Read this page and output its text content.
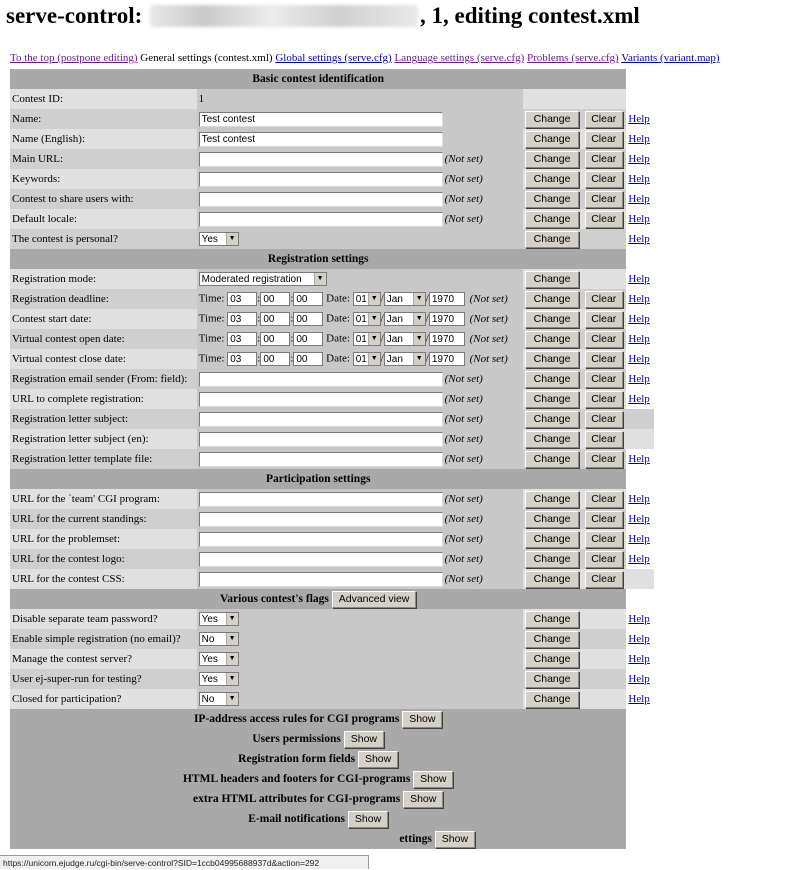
serve-control:	, 1, editing contest.xml
To the top (postpone editing) General settings (contest.xml) Global settings (serve.cfg) Language settings (serve.cfg) Problems (serve.cfg) Variants (variant.map)
Basic contest identification				
Contest ID:	1			
Name:	Test contest	Change	Clear	Help
Name (English):	Test contest	Change	Clear	Help
Main URL:	(Not set)	Change	Clear	Help
Keywords:	(Not set)	Change	Clear	Help
Contest to share users with:	(Not set)	Change	Clear	Help
Default locale:	(Not set)	Change	Clear	Help
The contest is personal?	Yes ▼	Change		Help
Registration settings				
Registration mode:	Moderated registration ▼	Change		Help
Registration deadline:	Time: 03 : 00 : 00 Date: 01 ▼ / Jan ▼ / 1970 (Not set)	Change	Clear	Help
Contest start date:	Time: 03 : 00 : 00 Date: 01 ▼ / Jan ▼ / 1970 (Not set)	Change	Clear	Help
Virtual contest open date:	Time: 03 : 00 : 00 Date: 01 ▼ / Jan ▼ / 1970 (Not set)	Change	Clear	Help
Virtual contest close date:	Time: 03 : 00 : 00 Date: 01 ▼ / Jan ▼ / 1970 (Not set)	Change	Clear	Help
Registration email sender (From: field):	(Not set)	Change	Clear	Help
URL to complete registration:	(Not set)	Change	Clear	Help
Registration letter subject:	(Not set)	Change	Clear	
Registration letter subject (en):	(Not set)	Change	Clear	
Registration letter template file:	(Not set)	Change	Clear	Help
Participation settings				
URL for the `team' CGI program:	(Not set)	Change	Clear	Help
URL for the current standings:	(Not set)	Change	Clear	Help
URL for the problemset:	(Not set)	Change	Clear	Help
URL for the contest logo:	(Not set)	Change	Clear	Help
URL for the contest CSS:	(Not set)	Change	Clear	
Various contest's flags Advanced view				
Disable separate team password?	Yes ▼	Change		Help
Enable simple registration (no email)?	No ▼	Change		Help
Manage the contest server?	Yes ▼	Change		Help
User ej-super-run for testing?	Yes ▼	Change		Help
Closed for participation?	No ▼	Change		Help
IP-address access rules for CGI programs Show				
Users permissions Show				
Registration form fields Show				
HTML headers and footers for CGI-programs Show				
extra HTML attributes for CGI-programs Show				
E-mail notifications Show				
ettings Show				
https://unicorn.ejudge.ru/cgi-bin/serve-control?SID=1ccb04995688937d&action=292
